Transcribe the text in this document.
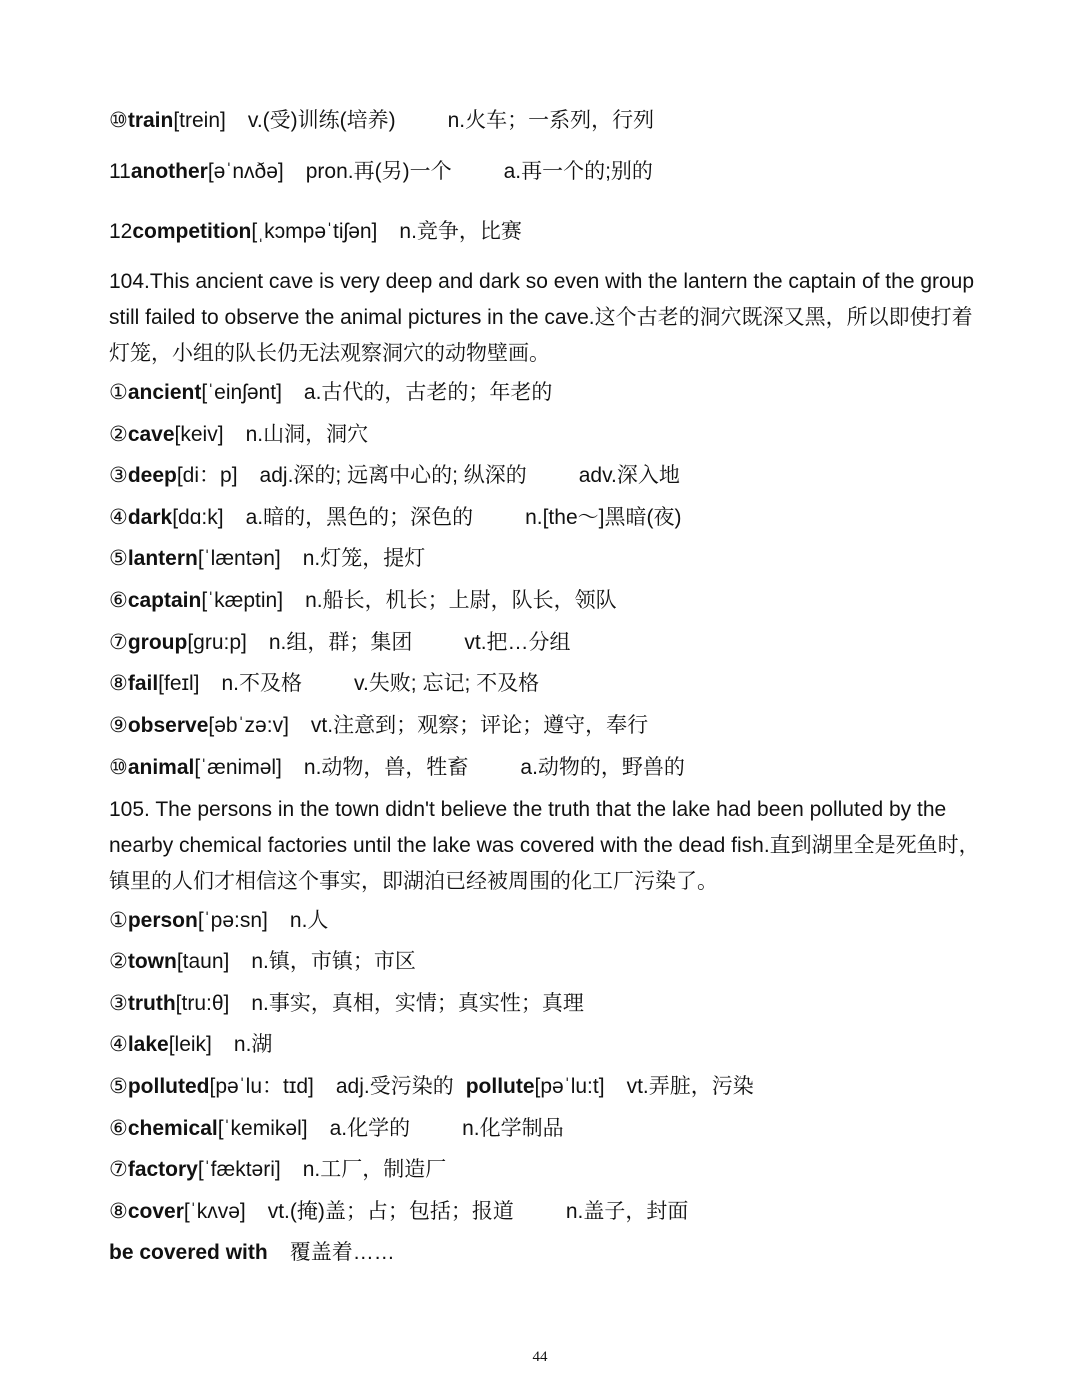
⑩train[trein] v.(受)训练(培养) n.火车；一系列，行列
11another[əˈnʌðə] pron.再(另)一个 a.再一个的;别的
12competition[ˌkɔmpəˈtiʃən] n.竞争，比赛
104.This ancient cave is very deep and dark so even with the lantern the captain of the group still failed to observe the animal pictures in the cave.这个古老的洞穴既深又黑，所以即使打着灯笼，小组的队长仍无法观察洞穴的动物壁画。
①ancient[ˈeinʃənt] a.古代的，古老的；年老的
②cave[keiv] n.山洞，洞穴
③deep[di：p] adj.深的; 远离中心的; 纵深的 adv.深入地
④dark[dɑ:k] a.暗的，黑色的；深色的 n.[the～]黑暗(夜)
⑤lantern[ˈlæntən] n.灯笼，提灯
⑥captain[ˈkæptin] n.船长，机长；上尉，队长，领队
⑦group[gru:p] n.组，群；集团 vt.把…分组
⑧fail[feɪl] n.不及格 v.失败; 忘记; 不及格
⑨observe[əbˈzə:v] vt.注意到；观察；评论；遵守，奉行
⑩animal[ˈænimәl] n.动物，兽，牲畜 a.动物的，野兽的
105. The persons in the town didn't believe the truth that the lake had been polluted by the nearby chemical factories until the lake was covered with the dead fish.直到湖里全是死鱼时，镇里的人们才相信这个事实，即湖泊已经被周围的化工厂污染了。
①person[ˈpə:sn] n.人
②town[taun] n.镇，市镇；市区
③truth[tru:θ] n.事实，真相，实情；真实性；真理
④lake[leik] n.湖
⑤polluted[pəˈlu：tɪd] adj.受污染的 pollute[pəˈlu:t] vt.弄脏，污染
⑥chemical[ˈkemikəl] a.化学的 n.化学制品
⑦factory[ˈfæktəri] n.工厂，制造厂
⑧cover[ˈkʌvə] vt.(掩)盖；占；包括；报道 n.盖子，封面
be covered with 覆盖着……
44
